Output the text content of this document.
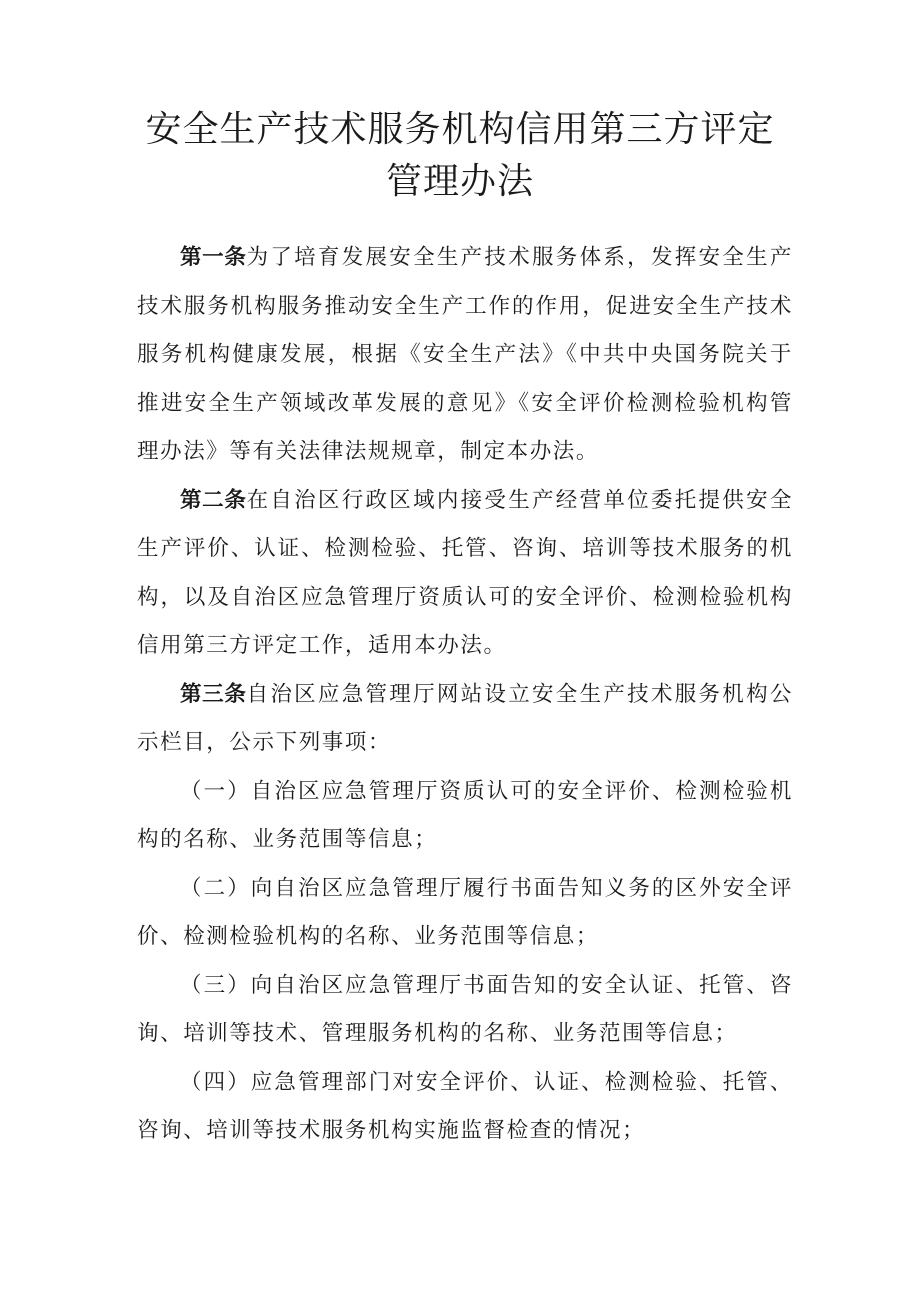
安全生产技术服务机构信用第三方评定管理办法

第一条为了培育发展安全生产技术服务体系，发挥安全生产技术服务机构服务推动安全生产工作的作用，促进安全生产技术服务机构健康发展，根据《安全生产法》《中共中央国务院关于推进安全生产领域改革发展的意见》《安全评价检测检验机构管理办法》等有关法律法规规章，制定本办法。

第二条在自治区行政区域内接受生产经营单位委托提供安全生产评价、认证、检测检验、托管、咨询、培训等技术服务的机构，以及自治区应急管理厅资质认可的安全评价、检测检验机构信用第三方评定工作，适用本办法。

第三条自治区应急管理厅网站设立安全生产技术服务机构公示栏目，公示下列事项：

（一）自治区应急管理厅资质认可的安全评价、检测检验机构的名称、业务范围等信息；

（二）向自治区应急管理厅履行书面告知义务的区外安全评价、检测检验机构的名称、业务范围等信息；

（三）向自治区应急管理厅书面告知的安全认证、托管、咨询、培训等技术、管理服务机构的名称、业务范围等信息；

（四）应急管理部门对安全评价、认证、检测检验、托管、咨询、培训等技术服务机构实施监督检查的情况；
